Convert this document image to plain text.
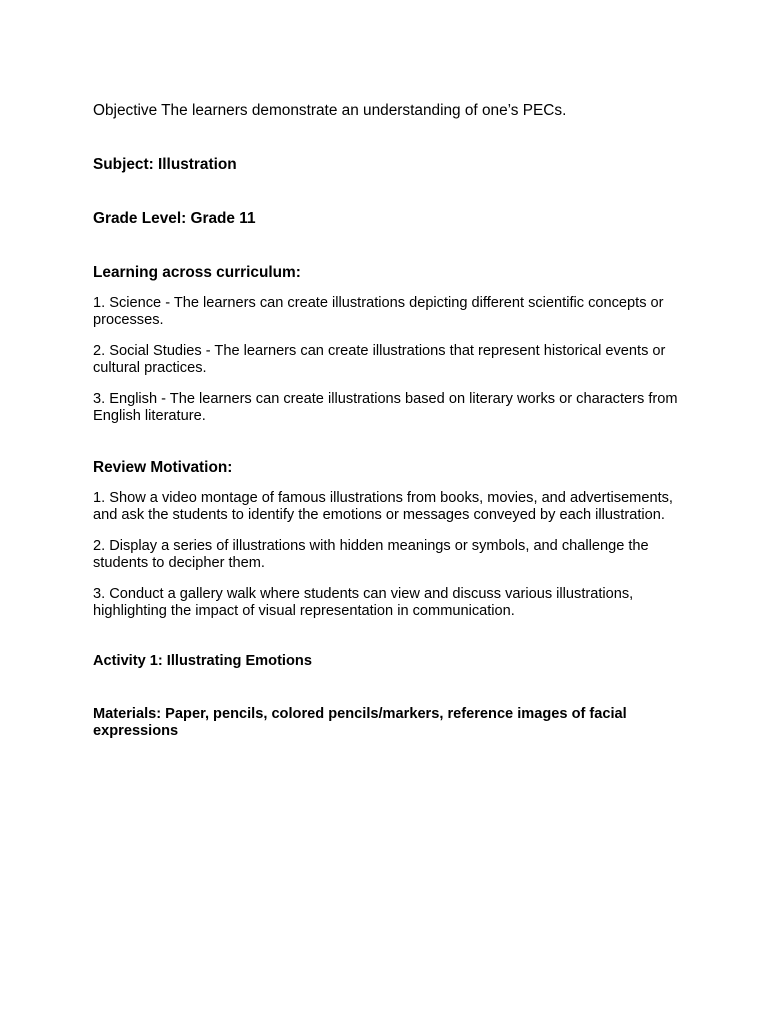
Objective The learners demonstrate an understanding of one’s PECs.

Subject: Illustration

Grade Level: Grade 11

Learning across curriculum:

1. Science - The learners can create illustrations depicting different scientific concepts or processes.

2. Social Studies - The learners can create illustrations that represent historical events or cultural practices.

3. English - The learners can create illustrations based on literary works or characters from English literature.

Review Motivation:

1. Show a video montage of famous illustrations from books, movies, and advertisements, and ask the students to identify the emotions or messages conveyed by each illustration.

2. Display a series of illustrations with hidden meanings or symbols, and challenge the students to decipher them.

3. Conduct a gallery walk where students can view and discuss various illustrations, highlighting the impact of visual representation in communication.

Activity 1: Illustrating Emotions

Materials: Paper, pencils, colored pencils/markers, reference images of facial expressions
